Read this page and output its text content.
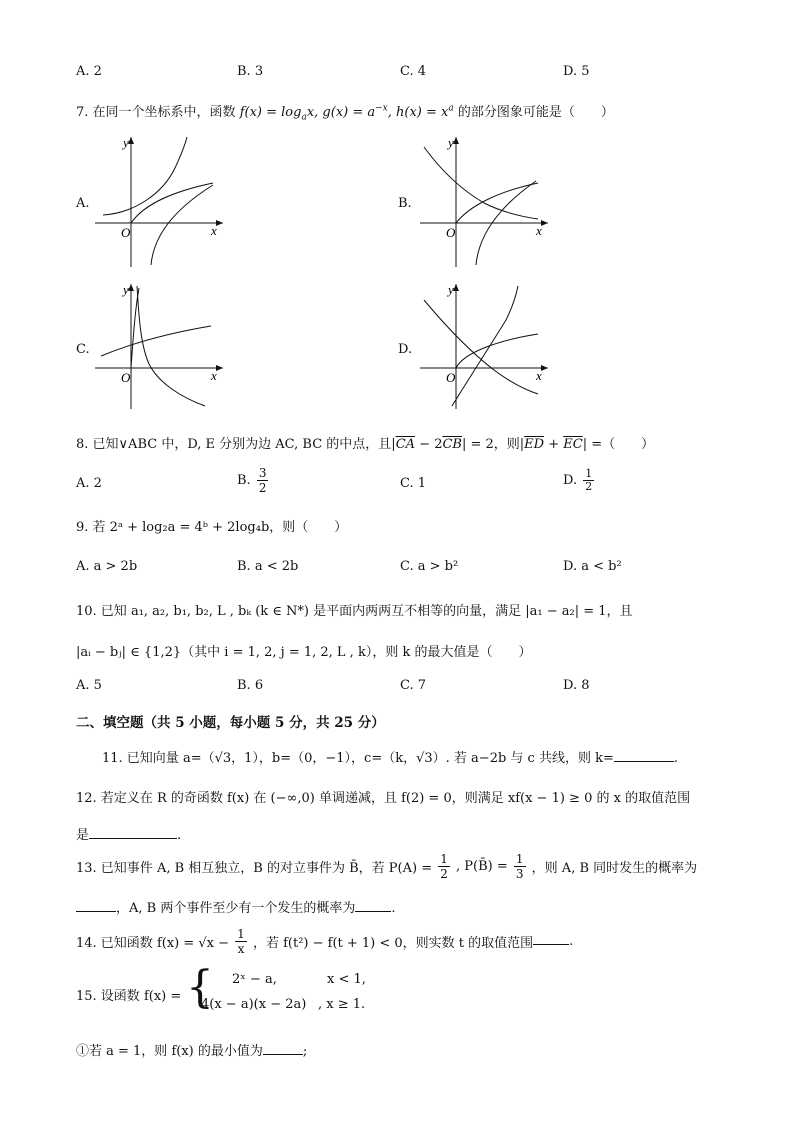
A. 2	B. 3	C. 4	D. 5
7. 在同一个坐标系中，函数 $f(x) = \log_ax$, $g(x) = a^{-x}$, $h(x) = x^a$ 的部分图象可能是（　　）
A.
y
O	x
B.
y
O	x
C.
y
O	x
D.
y
O	x
8. 已知∨ABC 中，D, E 分别为边 AC, BC 的中点，且$|\overline{CA} - 2\overline{CB}| = 2$，则$|\overline{ED} + \overline{EC}|$ =（　　）
A. 2	B. $\frac{3}{2}$	C. 1	D. $\frac{1}{2}$
9. 若 2ᵃ + log₂a = 4ᵇ + 2log₄b，则（　　）
A. a > 2b	B. a < 2b	C. a > b²	D. a < b²
10. 已知 a₁, a₂, b₁, b₂, L , bₖ (k ∈ N*) 是平面内两两互不相等的向量，满足 |a₁ − a₂| = 1，且
|aᵢ − bⱼ| ∈ {1,2}（其中 i = 1, 2, j = 1, 2, L , k），则 k 的最大值是（　　）
A. 5	B. 6	C. 7	D. 8
二、填空题（共 5 小题，每小题 5 分，共 25 分）
11. 已知向量 a=（√3，1），b=（0，−1），c=（k，√3）. 若 a−2b 与 c 共线，则 k=	.
12. 若定义在 R 的奇函数 f(x) 在 (−∞,0) 单调递减，且 f(2) = 0，则满足 xf(x − 1) ≥ 0 的 x 的取值范围
是	.
13. 已知事件 A, B 相互独立，B 的对立事件为 B̄，若 $P(A) = \frac{1}{2}$ , P(B̄) = $\frac{1}{3}$ ，则 A, B 同时发生的概率为
，A, B 两个事件至少有一个发生的概率为	.
14. 已知函数 $f(x) = √x - \frac{1}{x}$ ，若 f(t²) − f(t + 1) < 0，则实数 t 的取值范围	.
15. 设函数 f(x) = { 2ˣ − a,	x < 1,
4(x − a)(x − 2a) , x ≥ 1.
①若 a = 1，则 f(x) 的最小值为	;
